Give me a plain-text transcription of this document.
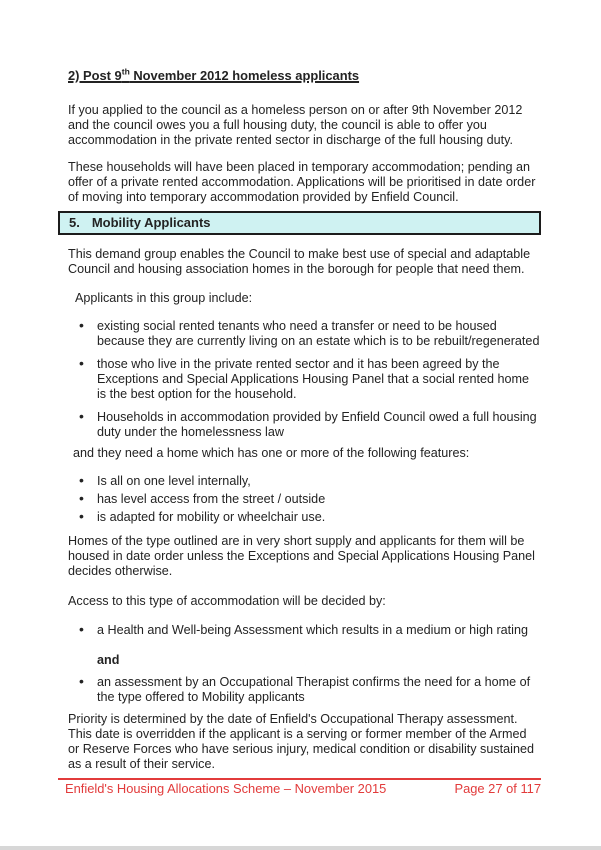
2) Post 9th November 2012 homeless applicants

If you applied to the council as a homeless person on or after 9th November 2012 and the council owes you a full housing duty, the council is able to offer you accommodation in the private rented sector in discharge of the full housing duty.

These households will have been placed in temporary accommodation; pending an offer of a private rented accommodation. Applications will be prioritised in date order of moving into temporary accommodation provided by Enfield Council.

5. Mobility Applicants

This demand group enables the Council to make best use of special and adaptable Council and housing association homes in the borough for people that need them.

Applicants in this group include:

• existing social rented tenants who need a transfer or need to be housed because they are currently living on an estate which is to be rebuilt/regenerated
• those who live in the private rented sector and it has been agreed by the Exceptions and Special Applications Housing Panel that a social rented home is the best option for the household.
• Households in accommodation provided by Enfield Council owed a full housing duty under the homelessness law

and they need a home which has one or more of the following features:

• Is all on one level internally,
• has level access from the street / outside
• is adapted for mobility or wheelchair use.

Homes of the type outlined are in very short supply and applicants for them will be housed in date order unless the Exceptions and Special Applications Housing Panel decides otherwise.

Access to this type of accommodation will be decided by:

• a Health and Well-being Assessment which results in a medium or high rating

and

• an assessment by an Occupational Therapist confirms the need for a home of the type offered to Mobility applicants

Priority is determined by the date of Enfield's Occupational Therapy assessment. This date is overridden if the applicant is a serving or former member of the Armed or Reserve Forces who have serious injury, medical condition or disability sustained as a result of their service.

Enfield's Housing Allocations Scheme – November 2015	Page 27 of 117
